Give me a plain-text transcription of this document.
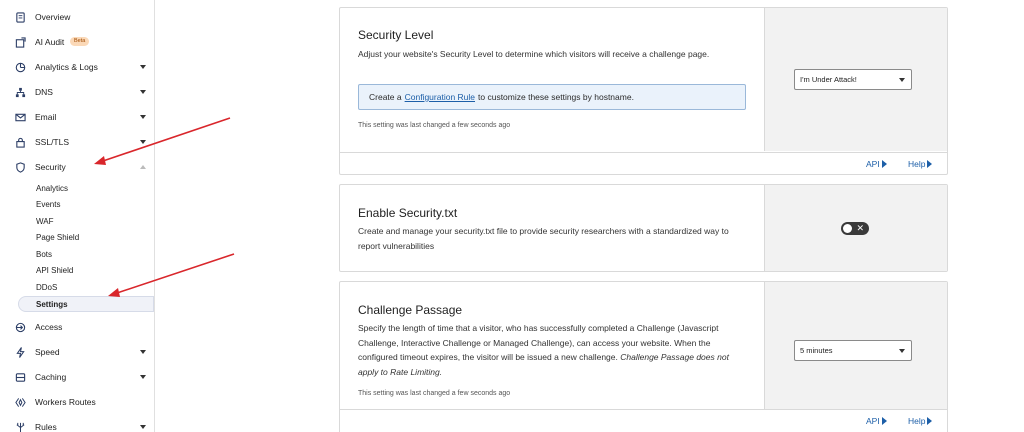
Overview
AI Audit	Beta
Analytics & Logs
DNS
Email
SSL/TLS
Security
Analytics
Events
WAF
Page Shield
Bots
API Shield
DDoS
Settings
Access
Speed
Caching
Workers Routes
Rules
I'm Under Attack!
Security Level

Adjust your website's Security Level to determine which visitors will receive a challenge page.

Create a Configuration Rule to customize these settings by hostname.

This setting was last changed a few seconds ago

API	Help
✕
Enable Security.txt

Create and manage your security.txt file to provide security researchers with a standardized way to report vulnerabilities

5 minutes
Challenge Passage

Specify the length of time that a visitor, who has successfully completed a Challenge (Javascript Challenge, Interactive Challenge or Managed Challenge), can access your website. When the configured timeout expires, the visitor will be issued a new challenge. Challenge Passage does not apply to Rate Limiting.

This setting was last changed a few seconds ago

API	Help
